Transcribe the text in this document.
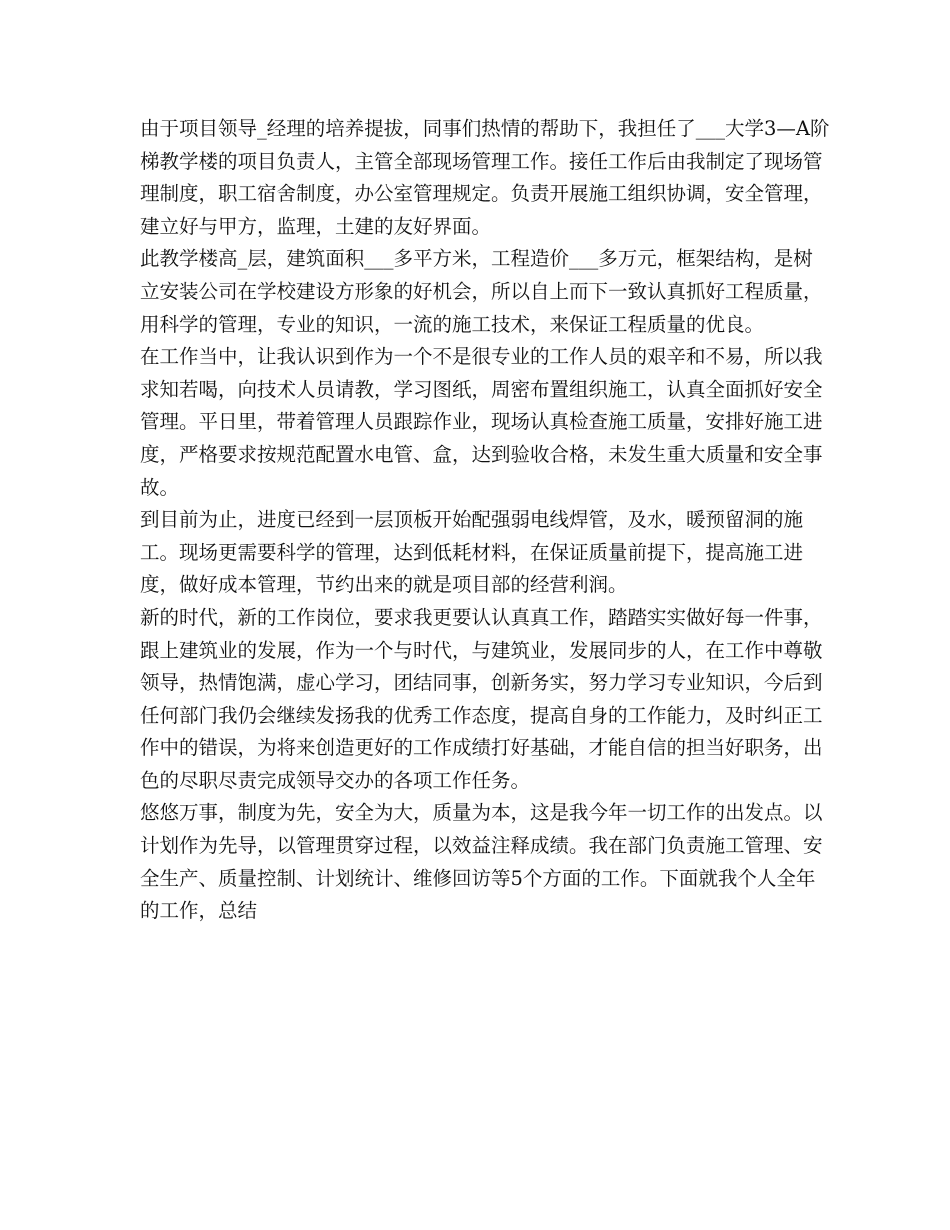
由于项目领导_经理的培养提拔，同事们热情的帮助下，我担任了___大学3—A阶梯教学楼的项目负责人，主管全部现场管理工作。接任工作后由我制定了现场管理制度，职工宿舍制度，办公室管理规定。负责开展施工组织协调，安全管理，建立好与甲方，监理，土建的友好界面。

此教学楼高_层，建筑面积___多平方米，工程造价___多万元，框架结构，是树立安装公司在学校建设方形象的好机会，所以自上而下一致认真抓好工程质量，用科学的管理，专业的知识，一流的施工技术，来保证工程质量的优良。

在工作当中，让我认识到作为一个不是很专业的工作人员的艰辛和不易，所以我求知若喝，向技术人员请教，学习图纸，周密布置组织施工，认真全面抓好安全管理。平日里，带着管理人员跟踪作业，现场认真检查施工质量，安排好施工进度，严格要求按规范配置水电管、盒，达到验收合格，未发生重大质量和安全事故。

到目前为止，进度已经到一层顶板开始配强弱电线焊管，及水，暖预留洞的施工。现场更需要科学的管理，达到低耗材料，在保证质量前提下，提高施工进度，做好成本管理，节约出来的就是项目部的经营利润。

新的时代，新的工作岗位，要求我更要认认真真工作，踏踏实实做好每一件事，跟上建筑业的发展，作为一个与时代，与建筑业，发展同步的人，在工作中尊敬领导，热情饱满，虚心学习，团结同事，创新务实，努力学习专业知识，今后到任何部门我仍会继续发扬我的优秀工作态度，提高自身的工作能力，及时纠正工作中的错误，为将来创造更好的工作成绩打好基础，才能自信的担当好职务，出色的尽职尽责完成领导交办的各项工作任务。

悠悠万事，制度为先，安全为大，质量为本，这是我今年一切工作的出发点。以计划作为先导，以管理贯穿过程，以效益注释成绩。我在部门负责施工管理、安全生产、质量控制、计划统计、维修回访等5个方面的工作。下面就我个人全年的工作，总结
